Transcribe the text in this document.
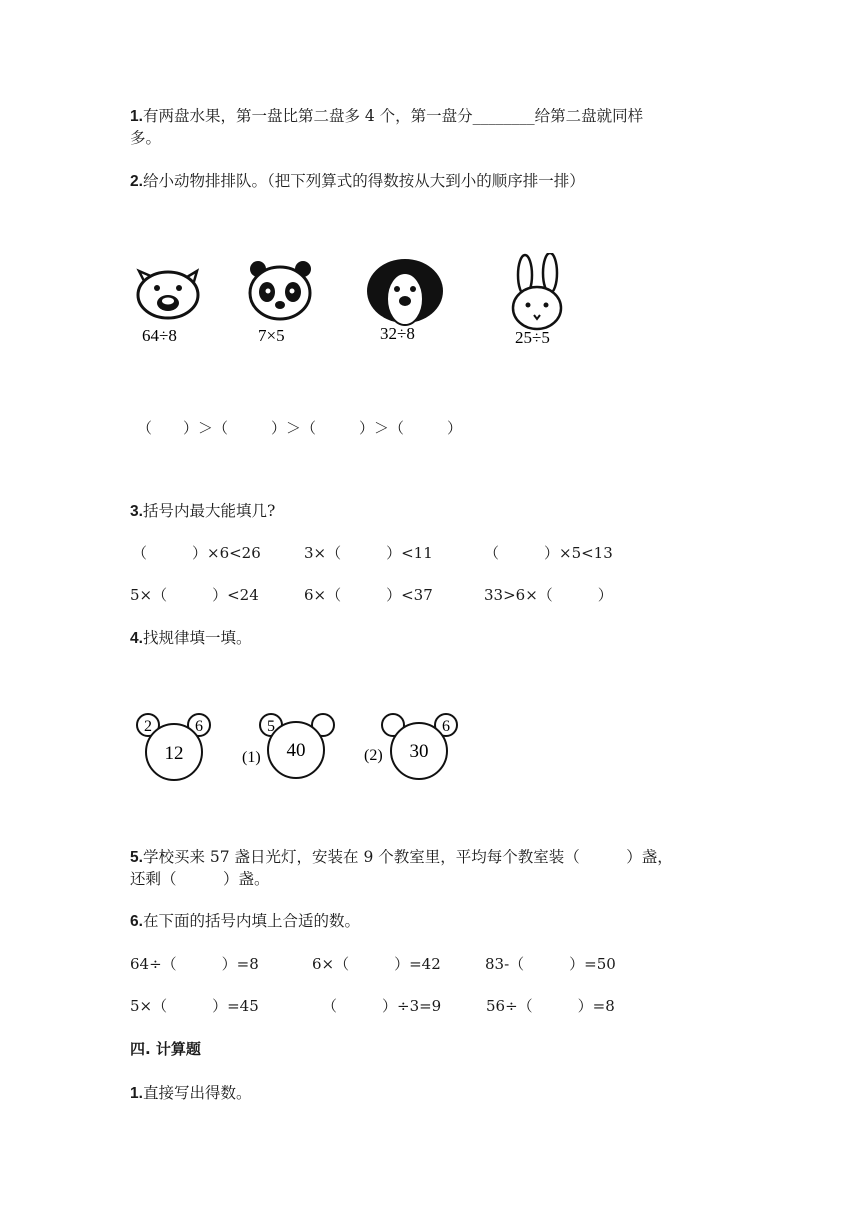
1.有两盘水果，第一盘比第二盘多 4 个，第一盘分________给第二盘就同样
多。
2.给小动物排排队。（把下列算式的得数按从大到小的顺序排一排）
64÷8	7×5	32÷8	25÷5
（ ）＞（	）＞（	）＞（	）
3.括号内最大能填几?
（　　　）×6<26	3×（　　　）<11	（　　　）×5<13
5×（　　　）<24	6×（　　　）<37	33>6×（　　　）
4.找规律填一填。
2	6
12
5
40
(1)
6
30
(2)
5.学校买来 57 盏日光灯，安装在 9 个教室里，平均每个教室装（　　　）盏，
还剩（　　　）盏。
6.在下面的括号内填上合适的数。
64÷（　　　）=8	6×（　　　）=42	83-（　　　）=50
5×（　　　）=45	（　　　）÷3=9	56÷（　　　）=8
四. 计算题
1.直接写出得数。
